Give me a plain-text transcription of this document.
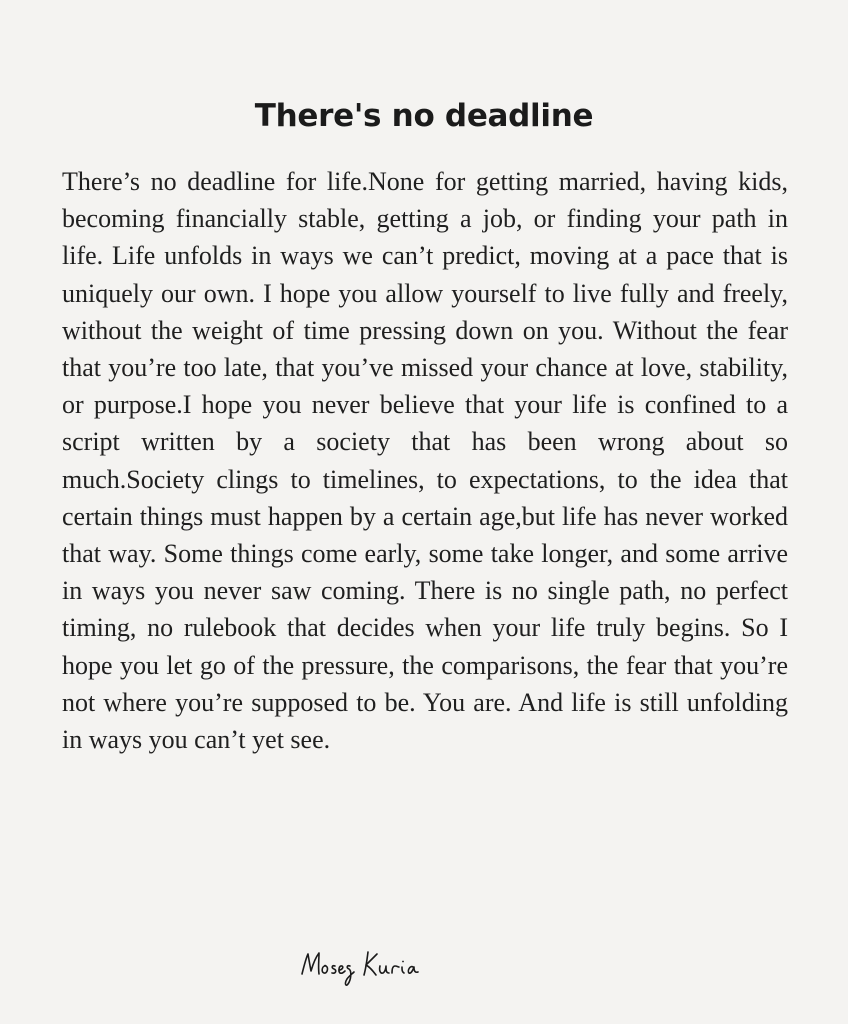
There's no deadline

There’s no deadline for life.None for getting married, having kids, becoming financially stable, getting a job, or finding your path in life. Life unfolds in ways we can’t predict, moving at a pace that is uniquely our own. I hope you allow yourself to live fully and freely, without the weight of time pressing down on you. Without the fear that you’re too late, that you’ve missed your chance at love, stability, or purpose.I hope you never believe that your life is confined to a script written by a society that has been wrong about so much.Society clings to timelines, to expectations, to the idea that certain things must happen by a certain age,but life has never worked that way. Some things come early, some take longer, and some arrive in ways you never saw coming. There is no single path, no perfect timing, no rulebook that decides when your life truly begins. So I hope you let go of the pressure, the comparisons, the fear that you’re not where you’re supposed to be. You are. And life is still unfolding in ways you can’t yet see.
